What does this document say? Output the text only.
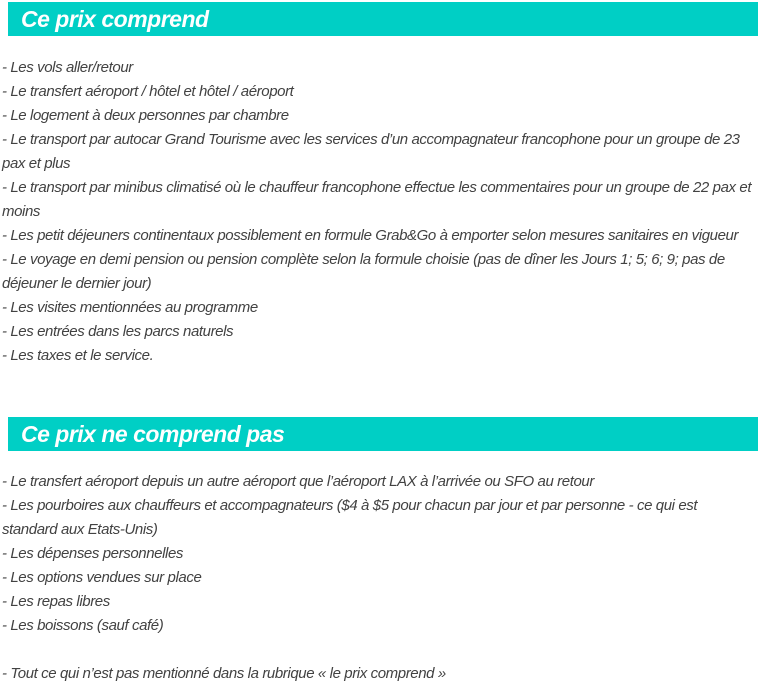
Ce prix comprend

- Les vols aller/retour

- Le transfert aéroport / hôtel et hôtel / aéroport

- Le logement à deux personnes par chambre

- Le transport par autocar Grand Tourisme avec les services d’un accompagnateur francophone pour un groupe de 23 pax et plus

- Le transport par minibus climatisé où le chauffeur francophone effectue les commentaires pour un groupe de 22 pax et moins

- Les petit déjeuners continentaux possiblement en formule Grab&Go à emporter selon mesures sanitaires en vigueur

- Le voyage en demi pension ou pension complète selon la formule choisie (pas de dîner les Jours 1; 5; 6; 9; pas de déjeuner le dernier jour)

- Les visites mentionnées au programme

- Les entrées dans les parcs naturels

- Les taxes et le service.

Ce prix ne comprend pas

- Le transfert aéroport depuis un autre aéroport que l’aéroport LAX à l’arrivée ou SFO au retour

- Les pourboires aux chauffeurs et accompagnateurs ($4 à $5 pour chacun par jour et par personne - ce qui est standard aux Etats-Unis)

- Les dépenses personnelles

- Les options vendues sur place

- Les repas libres

- Les boissons (sauf café)

- Tout ce qui n’est pas mentionné dans la rubrique « le prix comprend »
